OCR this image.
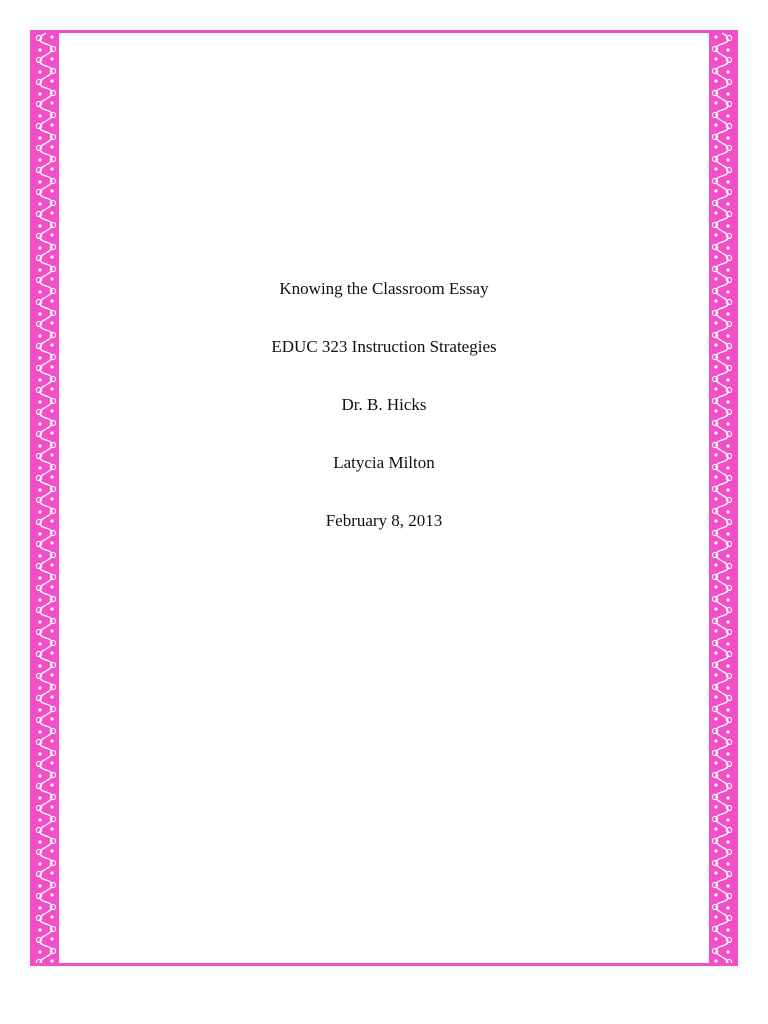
Knowing the Classroom Essay
EDUC 323 Instruction Strategies
Dr. B. Hicks
Latycia Milton
February 8, 2013
